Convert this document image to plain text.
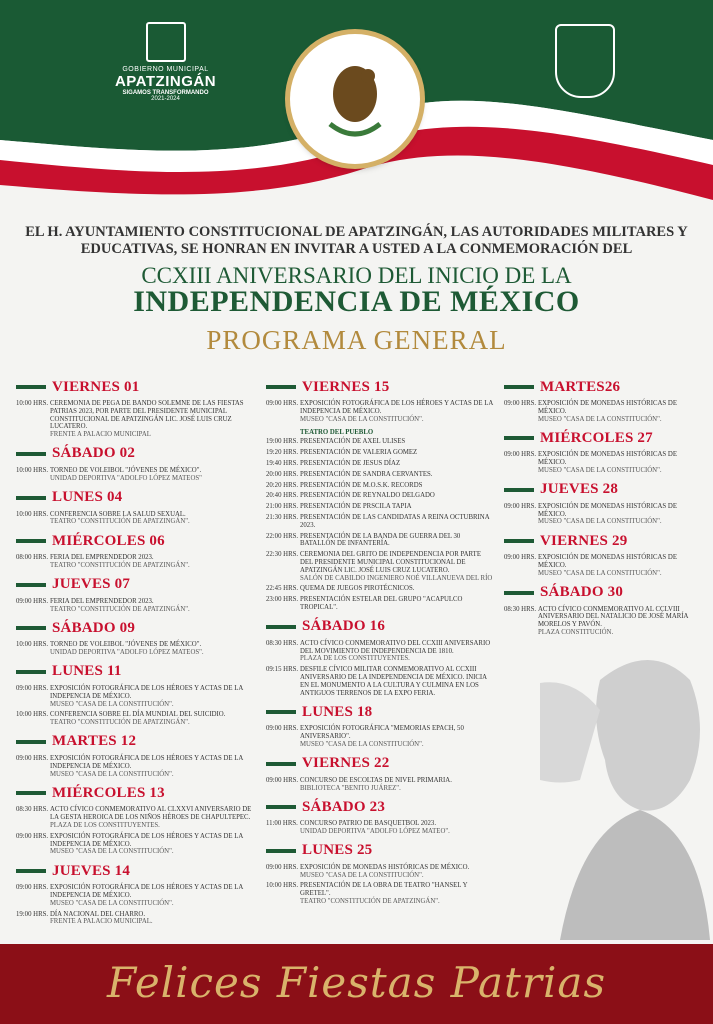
GOBIERNO MUNICIPAL
APATZINGÁN
SIGAMOS TRANSFORMANDO
2021-2024
EL H. AYUNTAMIENTO CONSTITUCIONAL DE APATZINGÁN, LAS AUTORIDADES MILITARES Y EDUCATIVAS, SE HONRAN EN INVITAR A USTED A LA CONMEMORACIÓN DEL
CCXIII ANIVERSARIO DEL INICIO DE LA
INDEPENDENCIA DE MÉXICO
PROGRAMA GENERAL
VIERNES 01
10:00 HRS. CEREMONIA DE PEGA DE BANDO SOLEMNE DE LAS FIESTAS PATRIAS 2023, POR PARTE DEL PRESIDENTE MUNICIPAL CONSTITUCIONAL DE APATZINGÁN LIC. JOSÉ LUIS CRUZ LUCATERO.
FRENTE A PALACIO MUNICIPAL
SÁBADO 02
10:00 HRS. TORNEO DE VOLEIBOL "JÓVENES DE MÉXICO".
UNIDAD DEPORTIVA "ADOLFO LÓPEZ MATEOS"
LUNES 04
10:00 HRS. CONFERENCIA SOBRE LA SALUD SEXUAL.
TEATRO "CONSTITUCIÓN DE APATZINGÁN".
MIÉRCOLES 06
08:00 HRS. FERIA DEL EMPRENDEDOR 2023.
TEATRO "CONSTITUCIÓN DE APATZINGÁN".
JUEVES 07
09:00 HRS. FERIA DEL EMPRENDEDOR 2023.
TEATRO "CONSTITUCIÓN DE APATZINGÁN".
SÁBADO 09
10:00 HRS. TORNEO DE VOLEIBOL "JÓVENES DE MÉXICO".
UNIDAD DEPORTIVA "ADOLFO LÓPEZ MATEOS".
LUNES 11
09:00 HRS. EXPOSICIÓN FOTOGRÁFICA DE LOS HÉROES Y ACTAS DE LA INDEPENCIA DE MÉXICO.
MUSEO "CASA DE LA CONSTITUCIÓN".
10:00 HRS. CONFERENCIA SOBRE EL DÍA MUNDIAL DEL SUICIDIO.
TEATRO "CONSTITUCIÓN DE APATZINGÁN".
MARTES 12
09:00 HRS. EXPOSICIÓN FOTOGRÁFICA DE LOS HÉROES Y ACTAS DE LA INDEPENCIA DE MÉXICO.
MUSEO "CASA DE LA CONSTITUCIÓN".
MIÉRCOLES 13
08:30 HRS. ACTO CÍVICO CONMEMORATIVO AL CLXXVI ANIVERSARIO DE LA GESTA HEROICA DE LOS NIÑOS HÉROES DE CHAPULTEPEC.
PLAZA DE LOS CONSTITUYENTES.
09:00 HRS. EXPOSICIÓN FOTOGRÁFICA DE LOS HÉROES Y ACTAS DE LA INDEPENCIA DE MÉXICO.
MUSEO "CASA DE LA CONSTITUCIÓN".
JUEVES 14
09:00 HRS. EXPOSICIÓN FOTOGRÁFICA DE LOS HÉROES Y ACTAS DE LA INDEPENCIA DE MÉXICO.
MUSEO "CASA DE LA CONSTITUCIÓN".
19:00 HRS. DÍA NACIONAL DEL CHARRO.
FRENTE A PALACIO MUNICIPAL.
VIERNES 15
09:00 HRS. EXPOSICIÓN FOTOGRÁFICA DE LOS HÉROES Y ACTAS DE LA INDEPENCIA DE MÉXICO.
MUSEO "CASA DE LA CONSTITUCIÓN".
TEATRO DEL PUEBLO
19:00 HRS. PRESENTACIÓN DE AXEL ULISES
19:20 HRS. PRESENTACIÓN DE VALERIA GOMEZ
19:40 HRS. PRESENTACIÓN DE JESUS DÍAZ
20:00 HRS. PRESENTACIÓN DE SANDRA CERVANTES.
20:20 HRS. PRESENTACIÓN DE M.O.S.K. RECORDS
20:40 HRS. PRESENTACIÓN DE REYNALDO DELGADO
21:00 HRS. PRESENTACIÓN DE PRSCILA TAPIA
21:30 HRS. PRESENTACIÓN DE LAS CANDIDATAS A REINA OCTUBRINA 2023.
22:00 HRS. PRESENTACIÓN DE LA BANDA DE GUERRA DEL 30 BATALLÓN DE INFANTERÍA.
22:30 HRS. CEREMONIA DEL GRITO DE INDEPENDENCIA POR PARTE DEL PRESIDENTE MUNICIPAL CONSTITUCIONAL DE APATZINGÁN LIC. JOSÉ LUIS CRUZ LUCATERO.
SALÓN DE CABILDO INGENIERO NOÉ VILLANUEVA DEL RÍO
22:45 HRS. QUEMA DE JUEGOS PIROTÉCNICOS.
23:00 HRS. PRESENTACIÓN ESTELAR DEL GRUPO "ACAPULCO TROPICAL".
SÁBADO 16
08:30 HRS. ACTO CÍVICO CONMEMORATIVO DEL CCXIII ANIVERSARIO DEL MOVIMIENTO DE INDEPENDENCIA DE 1810.
PLAZA DE LOS CONSTITUYENTES.
09:15 HRS. DESFILE CÍVICO MILITAR CONMEMORATIVO AL CCXIII ANIVERSARIO DE LA INDEPENDENCIA DE MÉXICO. INICIA EN EL MONUMENTO A LA CULTURA Y CULMINA EN LOS ANTIGUOS TERRENOS DE LA EXPO FERIA.
LUNES 18
09:00 HRS. EXPOSICIÓN FOTOGRÁFICA "MEMORIAS EPACH, 50 ANIVERSARIO".
MUSEO "CASA DE LA CONSTITUCIÓN".
VIERNES 22
09:00 HRS. CONCURSO DE ESCOLTAS DE NIVEL PRIMARIA.
BIBLIOTECA "BENITO JUÁREZ".
SÁBADO 23
11:00 HRS. CONCURSO PATRIO DE BASQUETBOL 2023.
UNIDAD DEPORTIVA "ADOLFO LÓPEZ MATEO".
LUNES 25
09:00 HRS. EXPOSICIÓN DE MONEDAS HISTÓRICAS DE MÉXICO.
MUSEO "CASA DE LA CONSTITUCIÓN".
10:00 HRS. PRESENTACIÓN DE LA OBRA DE TEATRO "HANSEL Y GRETEL".
TEATRO "CONSTITUCIÓN DE APATZINGÁN".
MARTES26
09:00 HRS. EXPOSICIÓN DE MONEDAS HISTÓRICAS DE MÉXICO.
MUSEO "CASA DE LA CONSTITUCIÓN".
MIÉRCOLES 27
09:00 HRS. EXPOSICIÓN DE MONEDAS HISTÓRICAS DE MÉXICO.
MUSEO "CASA DE LA CONSTITUCIÓN".
JUEVES 28
09:00 HRS. EXPOSICIÓN DE MONEDAS HISTÓRICAS DE MÉXICO.
MUSEO "CASA DE LA CONSTITUCIÓN".
VIERNES 29
09:00 HRS. EXPOSICIÓN DE MONEDAS HISTÓRICAS DE MÉXICO.
MUSEO "CASA DE LA CONSTITUCIÓN".
SÁBADO 30
08:30 HRS. ACTO CÍVICO CONMEMORATIVO AL CCLVIII ANIVERSARIO DEL NATALICIO DE JOSÉ MARÍA MORELOS Y PAVÓN.
PLAZA CONSTITUCIÓN.
Felices Fiestas Patrias
